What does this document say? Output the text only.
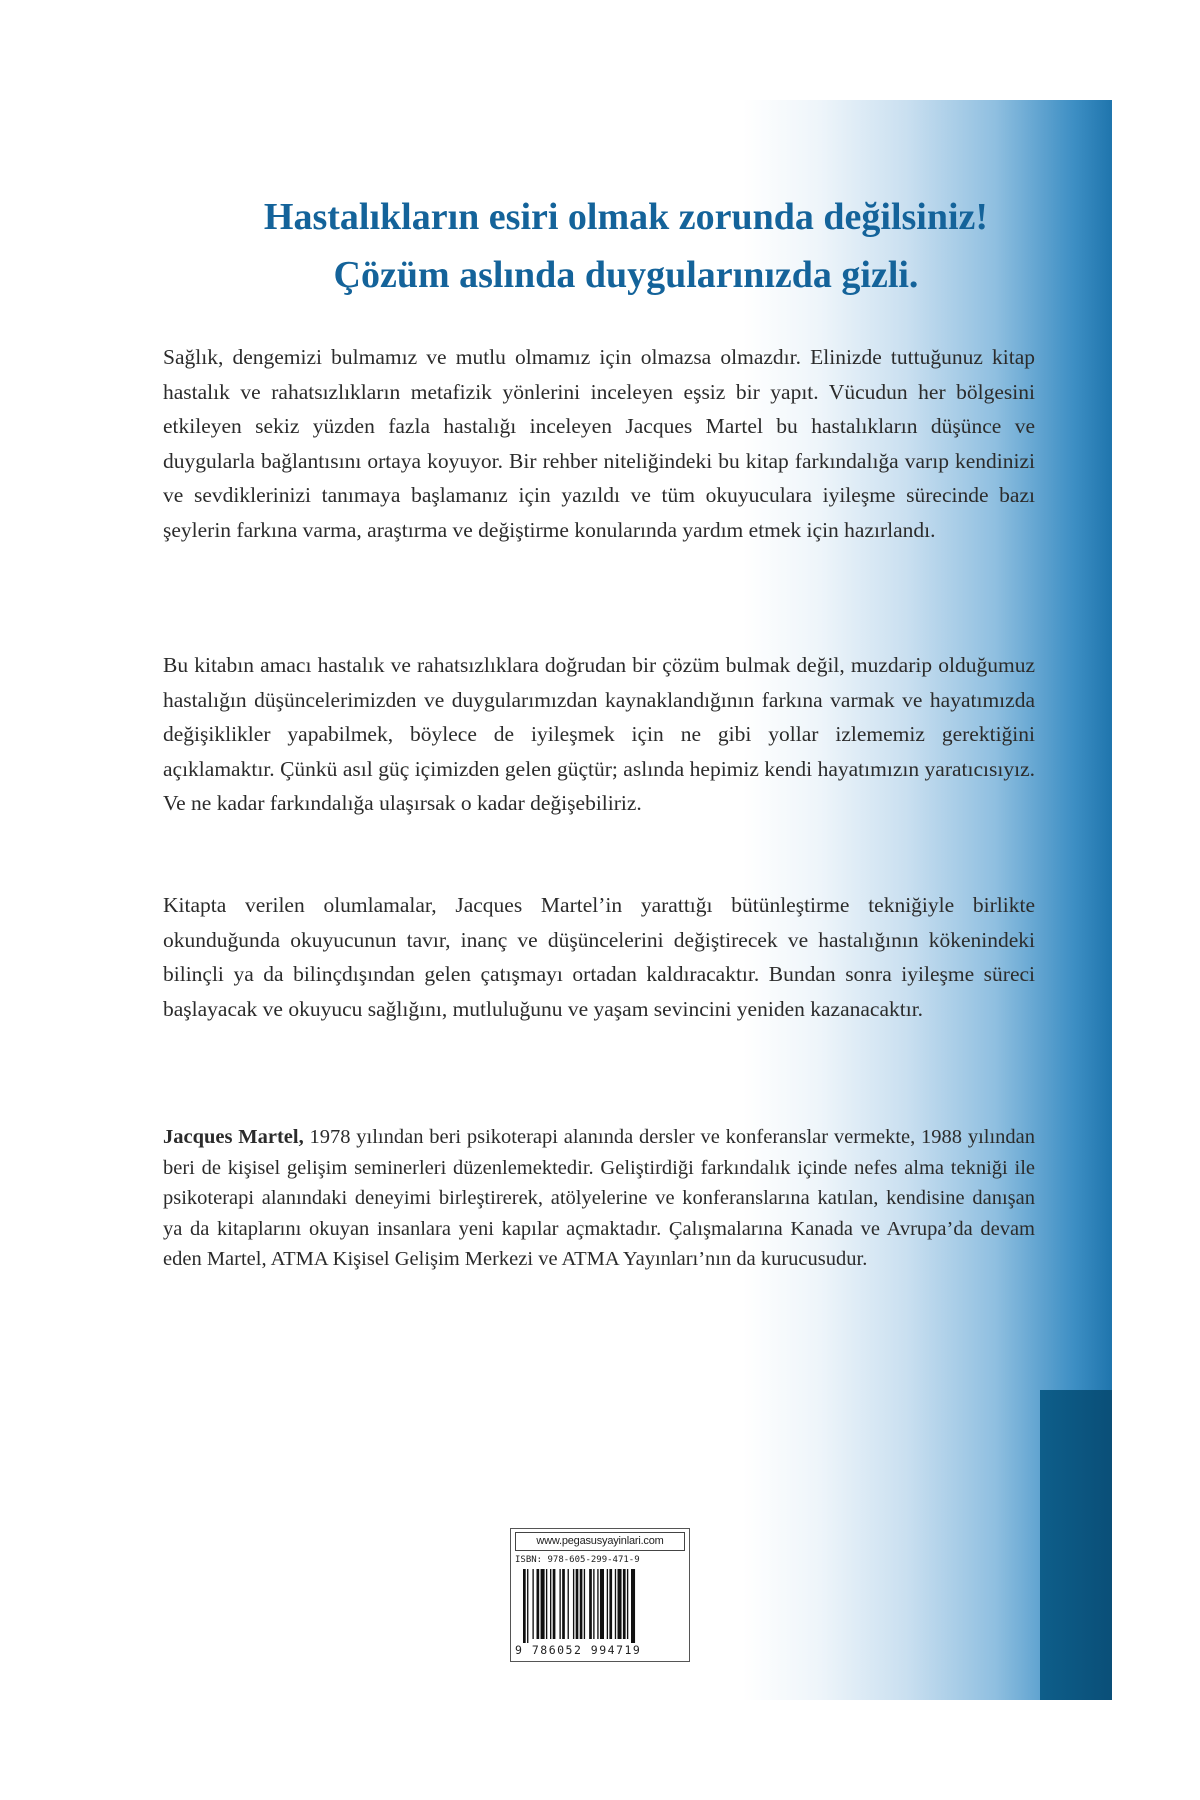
Hastalıkların esiri olmak zorunda değilsiniz!
Çözüm aslında duygularınızda gizli.
Sağlık, dengemizi bulmamız ve mutlu olmamız için olmazsa olmazdır. Elinizde tuttuğunuz kitap hastalık ve rahatsızlıkların metafizik yönlerini inceleyen eşsiz bir yapıt. Vücudun her bölgesini etkileyen sekiz yüzden fazla hastalığı inceleyen Jacques Martel bu hastalıkların düşünce ve duygularla bağlantısını ortaya koyuyor. Bir rehber niteliğindeki bu kitap farkındalığa varıp kendinizi ve sevdiklerinizi tanımaya başlamanız için yazıldı ve tüm okuyuculara iyileşme sürecinde bazı şeylerin farkına varma, araştırma ve değiştirme konularında yardım etmek için hazırlandı.
Bu kitabın amacı hastalık ve rahatsızlıklara doğrudan bir çözüm bulmak değil, muzdarip olduğumuz hastalığın düşüncelerimizden ve duygularımızdan kaynaklandığının farkına varmak ve hayatımızda değişiklikler yapabilmek, böylece de iyileşmek için ne gibi yollar izlememiz gerektiğini açıklamaktır. Çünkü asıl güç içimizden gelen güçtür; aslında hepimiz kendi hayatımızın yaratıcısıyız. Ve ne kadar farkındalığa ulaşırsak o kadar değişebiliriz.
Kitapta verilen olumlamalar, Jacques Martel’in yarattığı bütünleştirme tekniğiyle birlikte okunduğunda okuyucunun tavır, inanç ve düşüncelerini değiştirecek ve hastalığının kökenindeki bilinçli ya da bilinçdışından gelen çatışmayı ortadan kaldıracaktır. Bundan sonra iyileşme süreci başlayacak ve okuyucu sağlığını, mutluluğunu ve yaşam sevincini yeniden kazanacaktır.
Jacques Martel, 1978 yılından beri psikoterapi alanında dersler ve konferanslar vermekte, 1988 yılından beri de kişisel gelişim seminerleri düzenlemektedir. Geliştirdiği farkındalık içinde nefes alma tekniği ile psikoterapi alanındaki deneyimi birleştirerek, atölyelerine ve konferanslarına katılan, kendisine danışan ya da kitaplarını okuyan insanlara yeni kapılar açmaktadır. Çalışmalarına Kanada ve Avrupa’da devam eden Martel, ATMA Kişisel Gelişim Merkezi ve ATMA Yayınları’nın da kurucusudur.
www.pegasusyayinlari.com
ISBN: 978-605-299-471-9
9 786052 994719
